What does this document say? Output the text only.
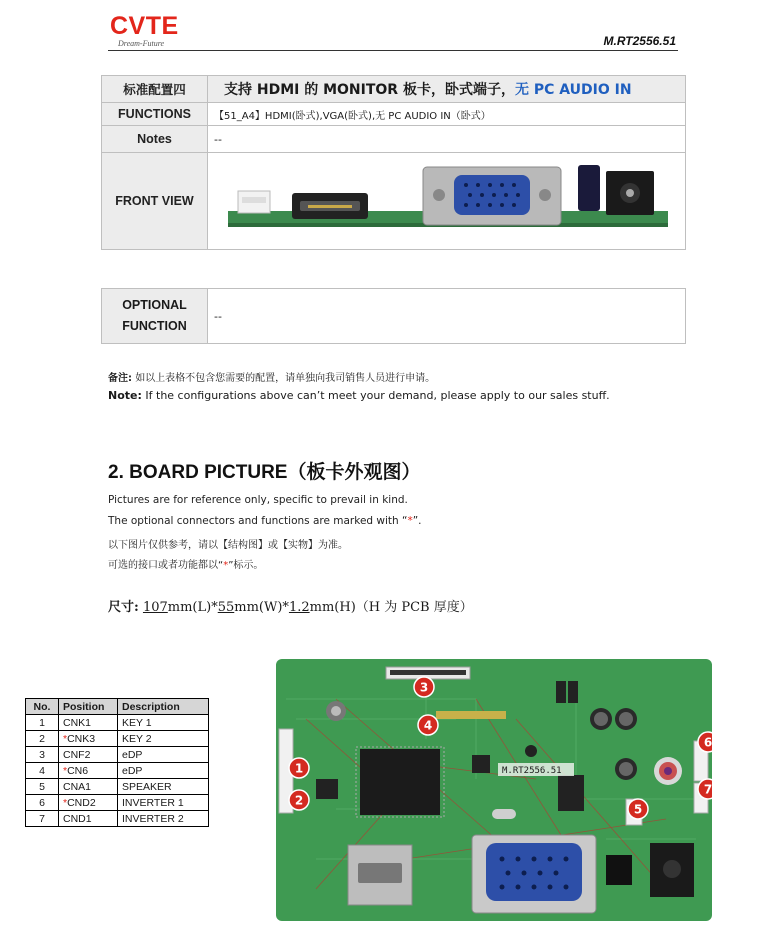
CVTE
Dream-Future	M.RT2556.51
标准配置四	支持 HDMI 的 MONITOR 板卡，卧式端子，无 PC AUDIO IN
FUNCTIONS	【51_A4】HDMI(卧式),VGA(卧式),无 PC AUDIO IN（卧式）
Notes	--
FRONT VIEW	
OPTIONAL
FUNCTION	--
备注: 如以上表格不包含您需要的配置，请单独向我司销售人员进行申请。
Note: If the configurations above can’t meet your demand, please apply to our sales stuff.
2. BOARD PICTURE（板卡外观图）
Pictures are for reference only, specific to prevail in kind.
The optional connectors and functions are marked with “*”.
以下图片仅供参考，请以【结构图】或【实物】为准。
可选的接口或者功能都以“*”标示。
尺寸: 107mm(L)*55mm(W)*1.2mm(H)（H 为 PCB 厚度）
No.	Position	Description
1	CNK1	KEY 1
2	*CNK3	KEY 2
3	CNF2	eDP
4	*CN6	eDP
5	CNA1	SPEAKER
6	*CND2	INVERTER 1
7	CND1	INVERTER 2
M.RT2556.51
3
4
1
2
6
7
5
